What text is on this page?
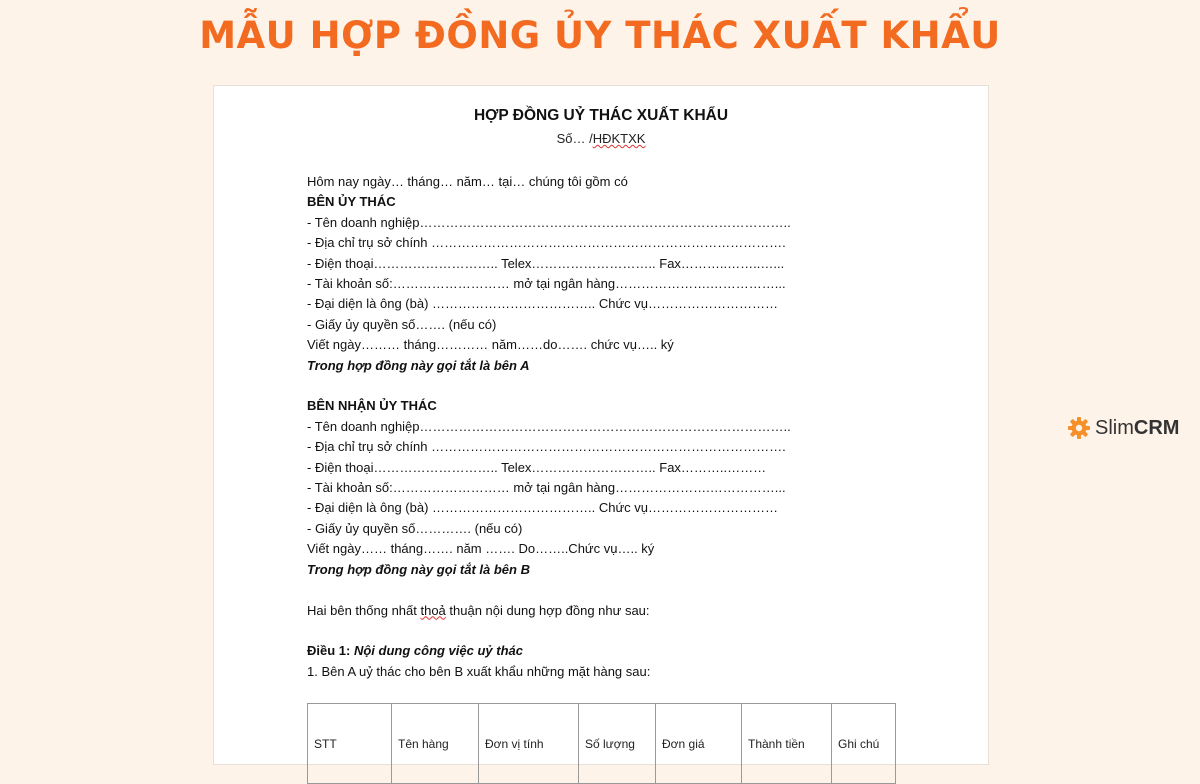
MẪU HỢP ĐỒNG ỦY THÁC XUẤT KHẨU
HỢP ĐỒNG UỶ THÁC XUẤT KHẨU
Số… /HĐKTXK
Hôm nay ngày… tháng… năm… tại… chúng tôi gồm có
BÊN ỦY THÁC
- Tên doanh nghiệp…………………………………………………………………………..
- Địa chỉ trụ sở chính ……………………………………………………………………….
- Điện thoại……………………….. Telex……………………….. Fax………..……..…...
- Tài khoản số:……………………… mở tại ngân hàng………………….……………...
- Đại diện là ông (bà) ……………………………….. Chức vụ…………………………
- Giấy ủy quyền số……. (nếu có)
Viết ngày……… tháng………… năm……do……. chức vụ….. ký
Trong hợp đồng này gọi tắt là bên A
BÊN NHẬN ỦY THÁC
- Tên doanh nghiệp…………………………………………………………………………..
- Địa chỉ trụ sở chính ……………………………………………………………………….
- Điện thoại……………………….. Telex……………………….. Fax………..………
- Tài khoản số:……………………… mở tại ngân hàng………………….……………...
- Đại diện là ông (bà) ……………………………….. Chức vụ…………………………
- Giấy ủy quyền số…………. (nếu có)
Viết ngày…… tháng……. năm ……. Do……..Chức vụ….. ký
Trong hợp đồng này gọi tắt là bên B
Hai bên thống nhất thoả thuận nội dung hợp đồng như sau:
Điều 1: Nội dung công việc uỷ thác
1. Bên A uỷ thác cho bên B xuất khẩu những mặt hàng sau:
STT	Tên hàng	Đơn vị tính	Số lượng	Đơn giá	Thành tiền	Ghi chú
Slim CRM
